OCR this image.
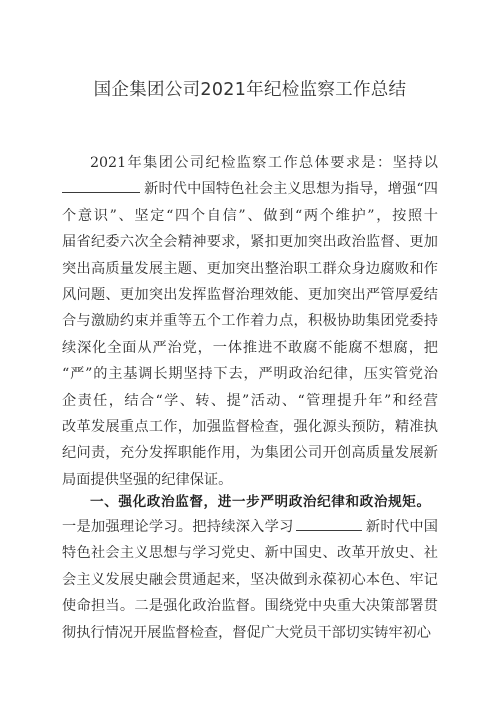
国企集团公司2021年纪检监察工作总结
2021年集团公司纪检监察工作总体要求是：坚持以
新时代中国特色社会主义思想为指导，增强“四
个意识”、坚定“四个自信”、做到“两个维护”，按照十
届省纪委六次全会精神要求，紧扣更加突出政治监督、更加
突出高质量发展主题、更加突出整治职工群众身边腐败和作
风问题、更加突出发挥监督治理效能、更加突出严管厚爱结
合与激励约束并重等五个工作着力点，积极协助集团党委持
续深化全面从严治党，一体推进不敢腐不能腐不想腐，把
“严”的主基调长期坚持下去，严明政治纪律，压实管党治
企责任，结合“学、转、提”活动、“管理提升年”和经营
改革发展重点工作，加强监督检查，强化源头预防，精准执
纪问责，充分发挥职能作用，为集团公司开创高质量发展新
局面提供坚强的纪律保证。
一、强化政治监督，进一步严明政治纪律和政治规矩。
一是加强理论学习。把持续深入学习	新时代中国
特色社会主义思想与学习党史、新中国史、改革开放史、社
会主义发展史融会贯通起来，坚决做到永葆初心本色、牢记
使命担当。二是强化政治监督。围绕党中央重大决策部署贯
彻执行情况开展监督检查，督促广大党员干部切实铸牢初心
